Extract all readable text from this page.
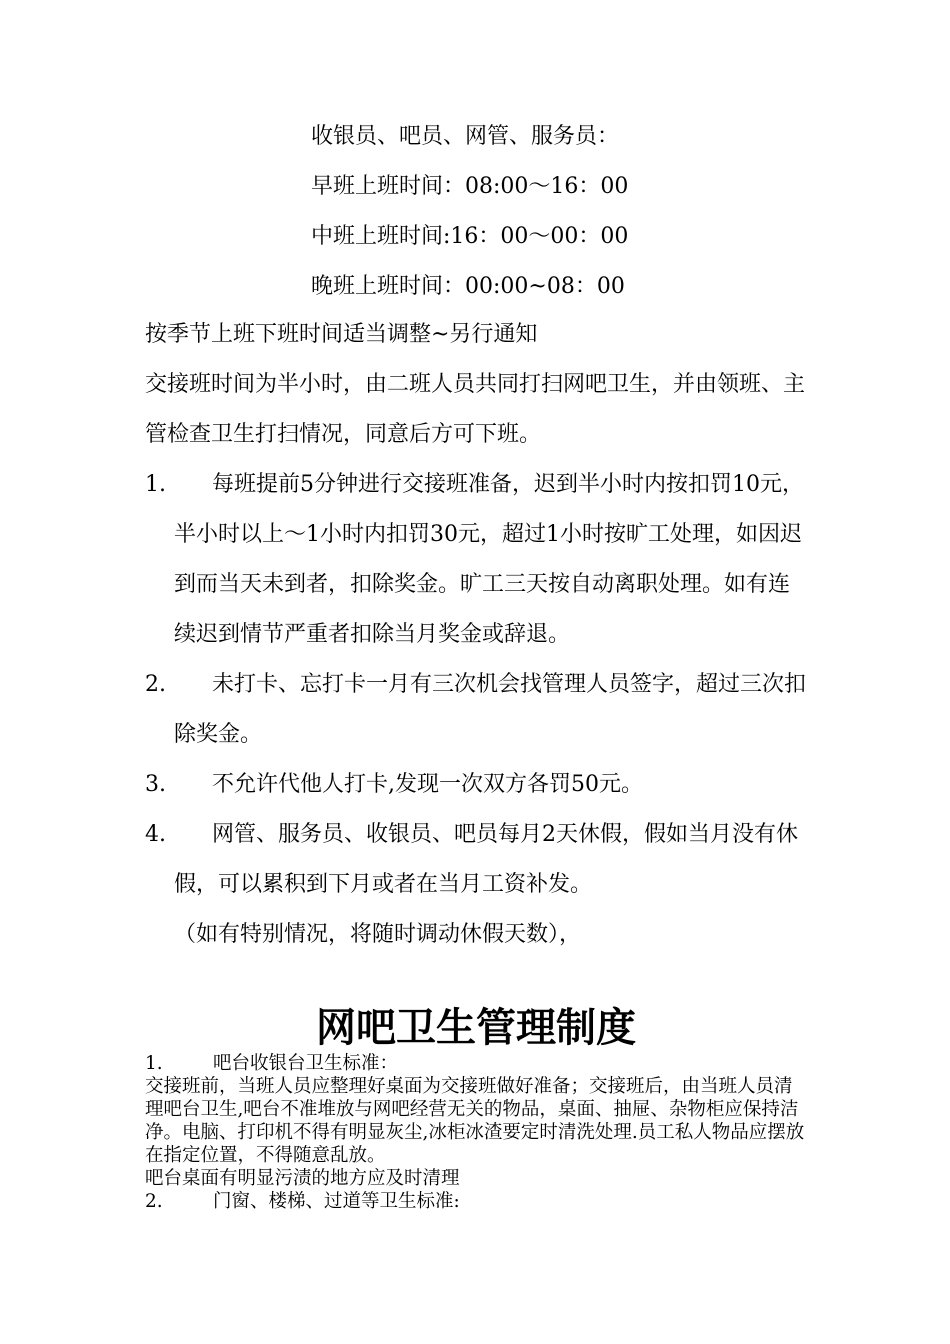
收银员、吧员、网管、服务员：
早班上班时间：08:00～16：00
中班上班时间:16：00～00：00
晚班上班时间：00:00~08：00
按季节上班下班时间适当调整~另行通知
交接班时间为半小时，由二班人员共同打扫网吧卫生，并由领班、主管检查卫生打扫情况，同意后方可下班。
1.	每班提前5分钟进行交接班准备，迟到半小时内按扣罚10元，半小时以上～1小时内扣罚30元，超过1小时按旷工处理，如因迟到而当天未到者，扣除奖金。旷工三天按自动离职处理。如有连续迟到情节严重者扣除当月奖金或辞退。
2.	未打卡、忘打卡一月有三次机会找管理人员签字，超过三次扣除奖金。
3.	不允许代他人打卡,发现一次双方各罚50元。
4.	网管、服务员、收银员、吧员每月2天休假，假如当月没有休假，可以累积到下月或者在当月工资补发。
（如有特别情况，将随时调动休假天数），
网吧卫生管理制度
1.	吧台收银台卫生标准：
交接班前，当班人员应整理好桌面为交接班做好准备；交接班后，由当班人员清理吧台卫生,吧台不准堆放与网吧经营无关的物品，桌面、抽屉、杂物柜应保持洁净。电脑、打印机不得有明显灰尘,冰柜冰渣要定时清洗处理.员工私人物品应摆放在指定位置，不得随意乱放。
吧台桌面有明显污渍的地方应及时清理
2.	门窗、楼梯、过道等卫生标准:
